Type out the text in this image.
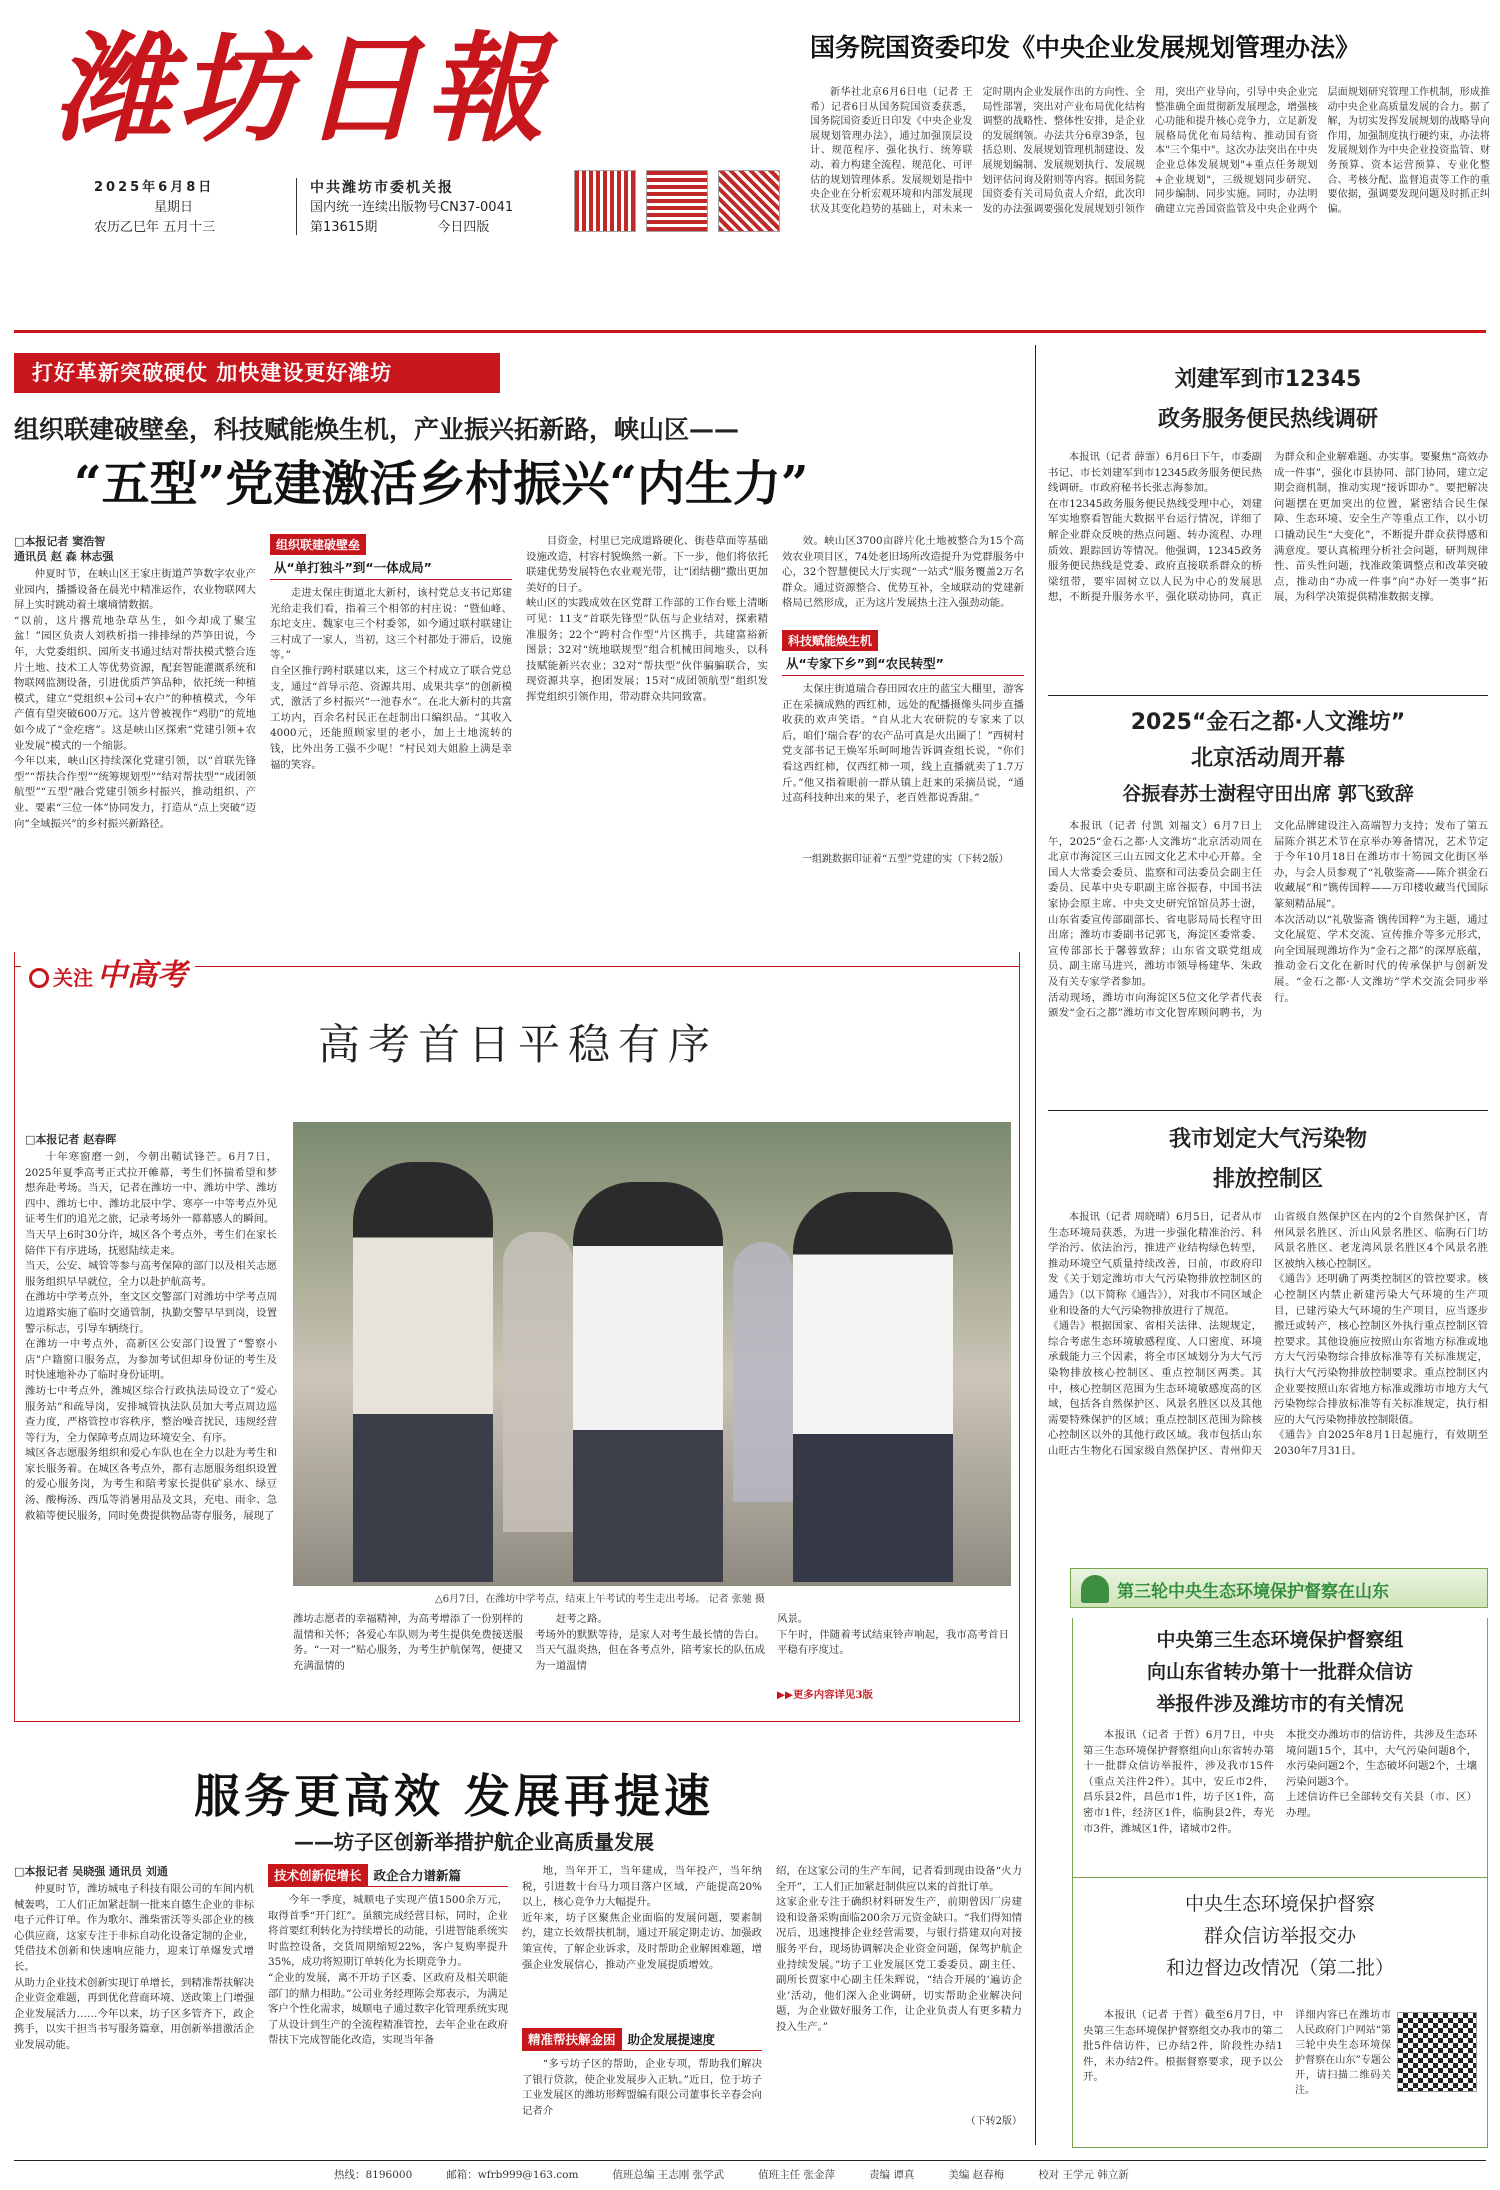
潍坊日報
2025年6月8日
星期日
农历乙巳年 五月十三
中共潍坊市委机关报
国内统一连续出版物号CN37-0041
第13615期	今日四版
国务院国资委印发《中央企业发展规划管理办法》
新华社北京6月6日电（记者 王希）记者6日从国务院国资委获悉，国务院国资委近日印发《中央企业发展规划管理办法》，通过加强顶层设计、规范程序、强化执行、统筹联动、着力构建全流程、规范化、可评估的规划管理体系。发展规划是指中央企业在分析宏观环境和内部发展现状及其变化趋势的基础上，对未来一定时期内企业发展作出的方向性、全局性部署，突出对产业布局优化结构调整的战略性、整体性安排，是企业的发展纲领。办法共分6章39条，包括总则、发展规划管理机制建设、发展规划编制、发展规划执行、发展规划评估问询及附则等内容。据国务院国资委有关司局负责人介绍，此次印发的办法强调要强化发展规划引领作用，突出产业导向，引导中央企业完整准确全面贯彻新发展理念，增强核心功能和提升核心竞争力，立足新发展格局优化布局结构、推动国有资本"三个集中"。这次办法突出在中央企业总体发展规划"+重点任务规划+企业规划"，三级规划同步研究、同步编制、同步实施。同时，办法明确建立完善国资监管及中央企业两个层面规划研究管理工作机制，形成推动中央企业高质量发展的合力。据了解，为切实发挥发展规划的战略导向作用，加强制度执行硬约束，办法将发展规划作为中央企业投资监管、财务预算、资本运营预算、专业化整合、考核分配、监督追责等工作的重要依据，强调要发现问题及时抓正纠偏。
打好革新突破硬仗 加快建设更好潍坊
组织联建破壁垒，科技赋能焕生机，产业振兴拓新路，峡山区——
“五型”党建激活乡村振兴“内生力”
□本报记者 窦浩智
通讯员 赵 森 林志强
仲夏时节，在峡山区王家庄街道芦笋数字农业产业园内，播播设备在晨光中精准运作，农业物联网大屏上实时跳动着土壤墒情数据。
“以前，这片撂荒地杂草丛生，如今却成了聚宝盆！”园区负责人刘秩析指一排排绿的芦笋田说，今年，大党委组织、园所支书通过结对帮扶模式整合连片土地、技术工人等优势资源，配套智能灌溉系统和物联网监测设备，引进优质芦笋品种，依托统一种植模式，建立“党组织+公司+农户”的种植模式，今年产值有望突破600万元。这片曾被视作“鸡肋”的荒地如今成了“金疙瘩”。这是峡山区探索“党建引领+农业发展”模式的一个缩影。
今年以来，峡山区持续深化党建引领，以“首联先锋型”“帮扶合作型”“统筹规划型”“结对帮扶型”“成团领航型”“五型”融合党建引领乡村振兴，推动组织、产业、要素“三位一体”协同发力，打造从“点上突破”迈向“全域振兴”的乡村振兴新路径。
组织联建破壁垒
从“单打独斗”到“一体成局”
走进太保庄街道北大新村，该村党总支书记郑建光给走我们看，指着三个相邻的村庄说：“暨仙峰、东坨支庄、魏家屯三个村委邻，如今通过联村联建让三村成了一家人，当初，这三个村都处于滞后，设施等。”
自全区推行跨村联建以来，这三个村成立了联合党总支，通过“首导示范、资源共用、成果共享”的创新模式，激活了乡村振兴“一池春水”。在北大新村的共富工坊内，百余名村民正在赶制出口编织品。“其收入4000元，还能照顾家里的老小，加上土地流转的钱，比外出务工强不少呢！”村民刘大姐脸上满是幸福的笑容。
目资金，村里已完成道路硬化、街巷草面等基础设施改造，村容村貌焕然一新。下一步，他们将依托联建优势发展特色农业观光带，让“团结棚”撒出更加美好的日子。
峡山区的实践成效在区党群工作部的工作台账上清晰可见：11支“首联先锋型”队伍与企业结对，探索精准服务；22个“跨村合作型”片区携手，共建富裕新图景；32对“统地联规型”组合机械田间地头，以科技赋能新兴农业；32对“帮扶型”伙伴骗骗联合，实现资源共享，抱团发展；15对“成团领航型”组织发挥党组织引领作用，带动群众共同致富。
效。峡山区3700亩辟片化土地被整合为15个高效农业项目区，74处老旧场所改造提升为党群服务中心，32个智慧便民大厅实现“一站式”服务覆盖2万名群众。通过资源整合、优势互补，全域联动的党建新格局已然形成，正为这片发展热土注入强劲动能。
科技赋能焕生机
从“专家下乡”到“农民转型”
太保庄街道瑞合春田园农庄的蓝宝大棚里，游客正在采摘成熟的西红柿，远处的配播摄像头同步直播收获的欢声笑语。“自从北大农研院的专家来了以后，咱们‘瑞合春’的农产品可真是火出圈了！”西树村党支部书记王焕军乐呵呵地告诉调查组长说，“你们看这西红柿，仅西红柿一项，线上直播就卖了1.7万斤。”他又指着眼前一群从镇上赶来的采摘员说，“通过高科技种出来的果子，老百姓都说香甜。”
一组跳数据印证着“五型”党建的实（下转2版）
关注 中高考
高考首日平稳有序
□本报记者 赵春晖
十年寒窗磨一剑，今朝出鞘试锋芒。6月7日，2025年夏季高考正式拉开帷幕，考生们怀揣希望和梦想奔赴考场。当天，记者在潍坊一中、潍坊中学、潍坊四中、潍坊七中、潍坊北辰中学、寒亭一中等考点外见证考生们的追光之旅，记录考场外一幕幕感人的瞬间。
当天早上6时30分许，城区各个考点外，考生们在家长陪伴下有序进场，抚慰陆续走来。
当天，公安、城管等参与高考保障的部门以及相关志愿服务组织早早就位，全力以赴护航高考。
在潍坊中学考点外，奎文区交警部门对潍坊中学考点周边道路实施了临时交通管制，执勤交警早早到岗，设置警示标志，引导车辆绕行。
在潍坊一中考点外，高新区公安部门设置了“警察小店”户籍窗口服务点，为参加考试但却身份证的考生及时快速地补办了临时身份证明。
潍坊七中考点外，潍城区综合行政执法局设立了“爱心服务站”和疏导岗，安排城管执法队员加大考点周边巡查力度，严格管控市容秩序，整治噪音扰民，违规经营等行为，全力保障考点周边环境安全、有序。
城区各志愿服务组织和爱心车队也在全力以赴为考生和家长服务着。在城区各考点外，都有志愿服务组织设置的爱心服务岗，为考生和陪考家长提供矿泉水、绿豆汤、酸梅汤、西瓜等消暑用品及文具，充电、雨伞、急救箱等便民服务，同时免费提供物品寄存服务，展现了
△6月7日，在潍坊中学考点，结束上午考试的考生走出考场。 记者 张驰 摄
潍坊志愿者的幸福精神，为高考增添了一份别样的温情和关怀；各爱心车队则为考生提供免费接送服务。“一对一”贴心服务，为考生护航保驾，便捷又充满温情的
赶考之路。
考场外的默默等待，是家人对考生最长情的告白。当天气温炎热，但在各考点外，陪考家长的队伍成为一道温情
风景。
下午时，伴随着考试结束铃声响起，我市高考首日平稳有序度过。
▶▶更多内容详见3版
服务更高效 发展再提速
——坊子区创新举措护航企业高质量发展
□本报记者 吴晓强 通讯员 刘通
仲夏时节，潍坊城电子科技有限公司的车间内机械轰鸣，工人们正加紧赶制一批来自德生企业的非标电子元件订单。作为歌尔、潍柴雷沃等头部企业的核心供应商，这家专注于非标自动化设备定制的企业，凭借技术创新和快速响应能力，迎来订单爆发式增长。
从助力企业技术创新实现订单增长，到精准帮扶解决企业资金难题，再到优化营商环境、送政策上门增强企业发展活力……今年以来，坊子区多管齐下，政企携手，以实干担当书写服务篇章，用创新举措激活企业发展动能。
技术创新促增长 政企合力谱新篇
今年一季度，城顺电子实现产值1500余万元，取得首季“开门红”。虽额完成经营目标，同时，企业将首要红利转化为持续增长的动能，引进智能系统实时监控设备，交货周期缩短22%，客户复购率提升35%，成功将短期订单转化为长期竞争力。
“企业的发展，离不开坊子区委、区政府及相关职能部门的鼎力相助。”公司业务经理陈会郑表示，为满足客户个性化需求，城顺电子通过数字化管理系统实现了从设计到生产的全流程精准管控，去年企业在政府帮扶下完成智能化改造，实现当年备
地，当年开工，当年建成，当年投产，当年纳税，引进数十台马力项目落户区域，产能提高20%以上，核心竞争力大幅提升。
近年来，坊子区聚焦企业面临的发展问题，要素制约，建立长效帮扶机制，通过开展定期走访、加强政策宣传，了解企业诉求，及时帮助企业解困难题，增强企业发展信心，推动产业发展提质增效。
精准帮扶解金困 助企发展提速度
“多亏坊子区的帮助，企业专项，帮助我们解决了银行贷款，使企业发展步入正轨。”近日，位于坊子工业发展区的潍坊形辉盟编有限公司董事长辛春会向记者介
绍，在这家公司的生产车间，记者看到现由设备“火力全开”，工人们正加紧赶制供应以来的首批订单。
这家企业专注于确织材料研发生产，前期曾因厂房建设和设备采购面临200余万元资金缺口。“我们得知情况后，迅速搜排企业经营需要，与银行搭建双向对接服务平台，现场协调解决企业资金问题，保驾护航企业持续发展。”坊子工业发展区党工委委员、副主任、副所长贾家中心副主任朱辉说，“结合开展的‘遍访企业’活动，他们深入企业调研，切实帮助企业解决问题，为企业做好服务工作，让企业负责人有更多精力投入生产。”
（下转2版）
刘建军到市12345
政务服务便民热线调研
本报讯（记者 薛霏）6月6日下午，市委副书记、市长刘建军到市12345政务服务便民热线调研。市政府秘书长张志海参加。
在市12345政务服务便民热线受理中心，刘建军实地察看智能大数据平台运行情况，详细了解企业群众反映的热点问题、转办流程、办理质效、跟踪回访等情况。他强调，12345政务服务便民热线是党委、政府直接联系群众的桥梁纽带，要牢固树立以人民为中心的发展思想，不断提升服务水平，强化联动协同，真正为群众和企业解难题、办实事。要聚焦“高效办成一件事”，强化市县协同、部门协同，建立定期会商机制，推动实现“接诉即办”。要把解决问题摆在更加突出的位置，紧密结合民生保障、生态环境、安全生产等重点工作，以小切口撬动民生“大变化”，不断提升群众获得感和满意度。要认真梳理分析社会问题，研判规律性、苗头性问题，找准政策调整点和改革突破点，推动由“办成一件事”向“办好一类事”拓展，为科学决策提供精准数据支撑。
2025“金石之都·人文潍坊”
北京活动周开幕
谷振春苏士澍程守田出席 郭飞致辞
本报讯（记者 付凯 刘福文）6月7日上午，2025“金石之都·人文潍坊”北京活动周在北京市海淀区三山五园文化艺术中心开幕。全国人大常委会委员、监察和司法委员会副主任委员、民革中央专职副主席谷振春，中国书法家协会原主席、中央文史研究馆馆员苏士澍，山东省委宣传部副部长、省电影局局长程守田出席；潍坊市委副书记郭飞，海淀区委常委、宣传部部长于馨蓉致辞；山东省文联党组成员、副主席马进兴，潍坊市领导杨建华、朱政及有关专家学者参加。
活动现场，潍坊市向海淀区5位文化学者代表颁发“金石之都”潍坊市文化智库顾问聘书，为文化品牌建设注入高端智力支持；发布了第五届陈介祺艺术节在京举办筹备情况，艺术节定于今年10月18日在潍坊市十笏园文化街区举办，与会人员参观了“礼敬鉴斋——陈介祺金石收藏展”和“镌传国粹——万印楼收藏当代国际篆刻精品展”。
本次活动以“礼敬鉴斋 镌传国粹”为主题，通过文化展览、学术交流、宣传推介等多元形式，向全国展现潍坊作为“金石之都”的深厚底蕴，推动金石文化在新时代的传承保护与创新发展。“金石之都·人文潍坊”学术交流会同步举行。
我市划定大气污染物
排放控制区
本报讯（记者 周晓晴）6月5日，记者从市生态环境局获悉，为进一步强化精准治污、科学治污、依法治污，推进产业结构绿色转型，推动环境空气质量持续改善，日前，市政府印发《关于划定潍坊市大气污染物排放控制区的通告》（以下简称《通告》），对我市不同区域企业和设备的大气污染物排放进行了规范。
《通告》根据国家、省相关法律、法规规定，综合考虑生态环境敏感程度、人口密度、环境承载能力三个因素，将全市区域划分为大气污染物排放核心控制区、重点控制区两类。其中，核心控制区范围为生态环境敏感度高的区域，包括各自然保护区、风景名胜区以及其他需要特殊保护的区域；重点控制区范围为除核心控制区以外的其他行政区域。我市包括山东山旺古生物化石国家级自然保护区、青州仰天山省级自然保护区在内的2个自然保护区，青州风景名胜区、沂山风景名胜区、临朐石门坊风景名胜区、老龙湾风景名胜区4个风景名胜区被纳入核心控制区。
《通告》还明确了两类控制区的管控要求。核心控制区内禁止新建污染大气环境的生产项目，已建污染大气环境的生产项目，应当逐步搬迁或转产，核心控制区外执行重点控制区管控要求。其他设施应按照山东省地方标准或地方大气污染物综合排放标准等有关标准规定，执行大气污染物排放控制要求。重点控制区内企业要按照山东省地方标准或潍坊市地方大气污染物综合排放标准等有关标准规定，执行相应的大气污染物排放控制限值。
《通告》自2025年8月1日起施行，有效期至2030年7月31日。
第三轮中央生态环境保护督察在山东
中央第三生态环境保护督察组
向山东省转办第十一批群众信访
举报件涉及潍坊市的有关情况
本报讯（记者 于哲）6月7日，中央第三生态环境保护督察组向山东省转办第十一批群众信访举报件，涉及我市15件（重点关注件2件）。其中，安丘市2件，昌乐县2件，昌邑市1件，坊子区1件，高密市1件，经济区1件，临朐县2件，寿光市3件，潍城区1件，诸城市2件。
本批交办潍坊市的信访件，共涉及生态环境问题15个，其中，大气污染问题8个，水污染问题2个，生态破坏问题2个，土壤污染问题3个。
上述信访件已全部转交有关县（市、区）办理。
中央生态环境保护督察
群众信访举报交办
和边督边改情况（第二批）
本报讯（记者 于哲）截至6月7日，中央第三生态环境保护督察组交办我市的第二批5件信访件，已办结2件，阶段性办结1件，未办结2件。根据督察要求，现予以公开。
详细内容已在潍坊市人民政府门户网站“第三轮中央生态环境保护督察在山东”专题公开，请扫描二维码关注。
热线：8196000	邮箱：wfrb999@163.com	值班总编 王志刚 张学武	值班主任 张金萍	责编 谭真	美编 赵春梅	校对 王学元 韩立新
